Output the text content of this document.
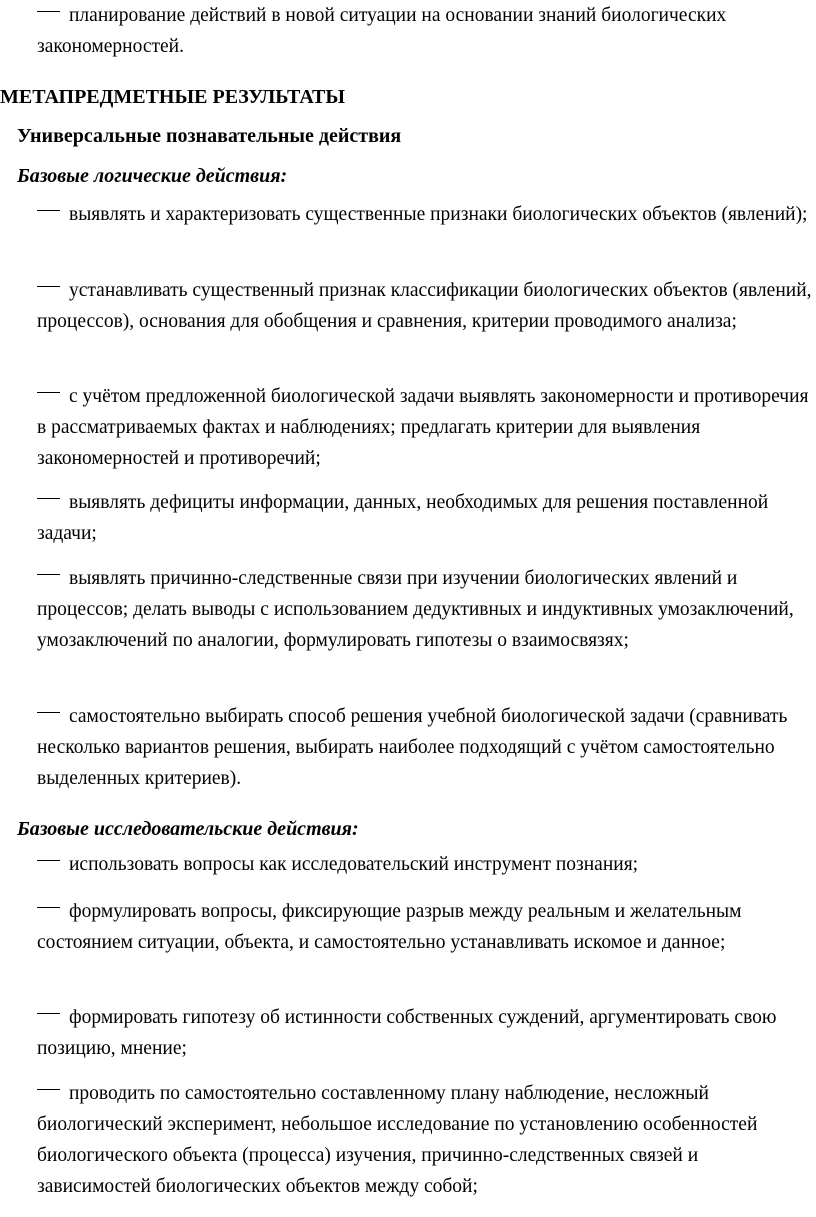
планирование действий в новой ситуации на основании знаний биологических закономерностей.
МЕТАПРЕДМЕТНЫЕ РЕЗУЛЬТАТЫ
Универсальные познавательные действия
Базовые логические действия:
выявлять и характеризовать существенные признаки биологических объектов (явлений);
устанавливать существенный признак классификации биологических объектов (явлений, процессов), основания для обобщения и сравнения, критерии проводимого анализа;
с учётом предложенной биологической задачи выявлять закономерности и противоречия в рассматриваемых фактах и наблюдениях; предлагать критерии для выявления закономерностей и противоречий;
выявлять дефициты информации, данных, необходимых для решения поставленной задачи;
выявлять причинно-следственные связи при изучении биологических явлений и процессов; делать выводы с использованием дедуктивных и индуктивных умозаключений, умозаключений по аналогии, формулировать гипотезы о взаимосвязях;
самостоятельно выбирать способ решения учебной биологической задачи (сравнивать несколько вариантов решения, выбирать наиболее подходящий с учётом самостоятельно выделенных критериев).
Базовые исследовательские действия:
использовать вопросы как исследовательский инструмент познания;
формулировать вопросы, фиксирующие разрыв между реальным и желательным состоянием ситуации, объекта, и самостоятельно устанавливать искомое и данное;
формировать гипотезу об истинности собственных суждений, аргументировать свою позицию, мнение;
проводить по самостоятельно составленному плану наблюдение, несложный биологический эксперимент, небольшое исследование по установлению особенностей биологического объекта (процесса) изучения, причинно-следственных связей и зависимостей биологических объектов между собой;
